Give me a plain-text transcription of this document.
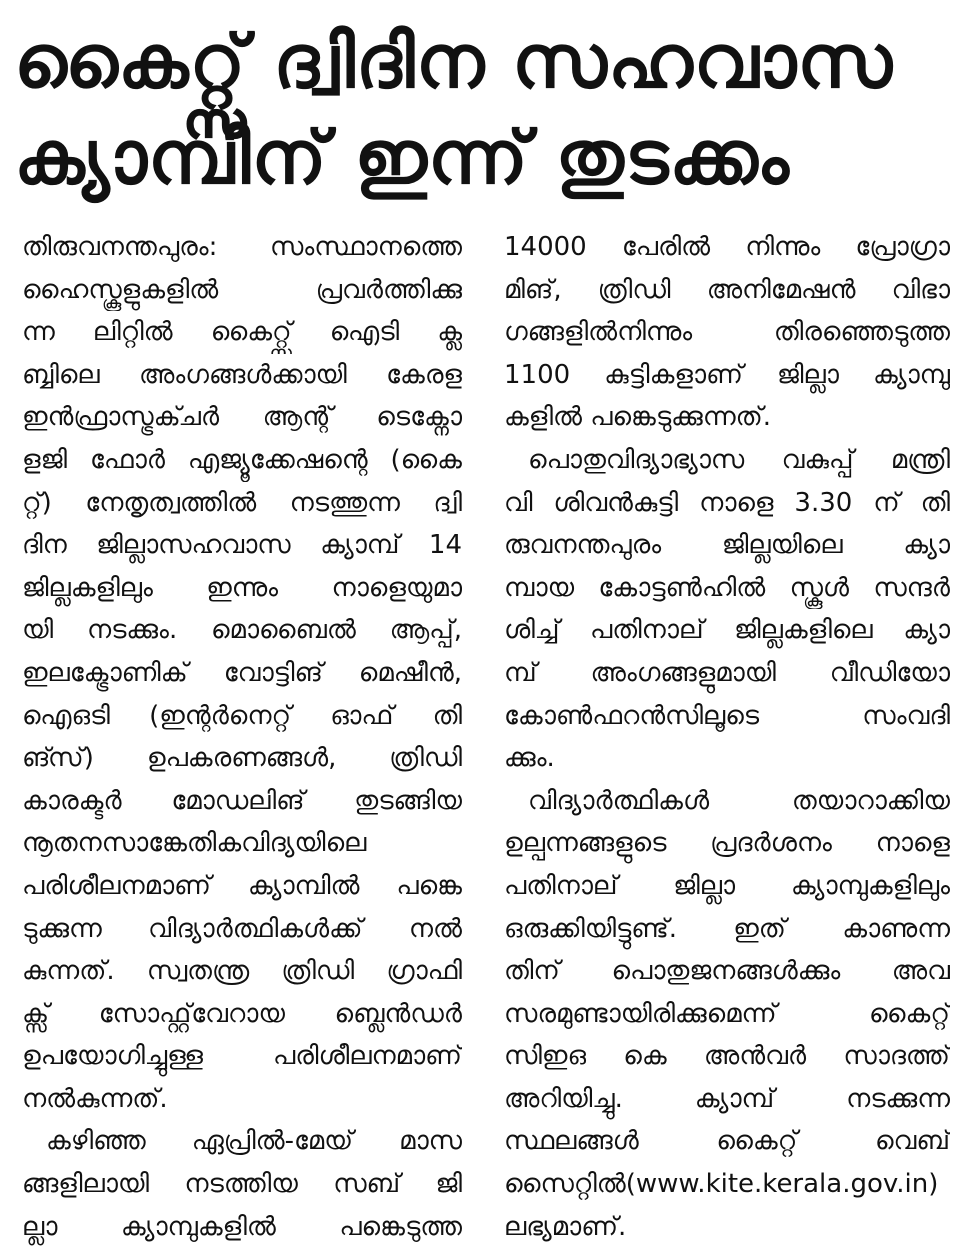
കൈറ്റ്സ് ദ്വിദിന സഹവാസ
ക്യാമ്പിന് ഇന്ന് തുടക്കം
തിരുവനന്തപുരം: സംസ്ഥാനത്തെ
ഹൈസ്കൂളുകളിൽ പ്രവർത്തിക്കു
ന്ന ലിറ്റിൽ കൈറ്റ്സ് ഐടി ക്ല
ബ്ബിലെ അംഗങ്ങൾക്കായി കേരള
ഇൻഫ്രാസ്ട്രക്ചർ ആന്റ് ടെക്നോ
ളജി ഫോർ എജ്യൂക്കേഷന്റെ (കൈ
റ്റ്) നേതൃത്വത്തിൽ നടത്തുന്ന ദ്വി
ദിന ജില്ലാസഹവാസ ക്യാമ്പ് 14
ജില്ലകളിലും ഇന്നും നാളെയുമാ
യി നടക്കും. മൊബൈൽ ആപ്പ്,
ഇലക്ട്രോണിക് വോട്ടിങ് മെഷീൻ,
ഐഒടി (ഇന്റർനെറ്റ് ഓഫ് തി
ങ്സ്) ഉപകരണങ്ങൾ, ത്രിഡി
കാരക്ടർ മോഡലിങ് തുടങ്ങിയ
നൂതനസാങ്കേതികവിദ്യയിലെ
പരിശീലനമാണ് ക്യാമ്പിൽ പങ്കെ
ടുക്കുന്ന വിദ്യാർത്ഥികൾക്ക് നൽ
കുന്നത്. സ്വതന്ത്ര ത്രിഡി ഗ്രാഫി
ക്സ് സോഫ്റ്റ്‌വേറായ ബ്ലെൻഡർ
ഉപയോഗിച്ചുള്ള പരിശീലനമാണ്
നൽകുന്നത്.
കഴിഞ്ഞ ഏപ്രിൽ-മേയ് മാസ
ങ്ങളിലായി നടത്തിയ സബ് ജി
ല്ലാ ക്യാമ്പുകളിൽ പങ്കെടുത്ത
14000 പേരിൽ നിന്നും പ്രോഗ്രാ
മിങ്, ത്രിഡി അനിമേഷൻ വിഭാ
ഗങ്ങളിൽനിന്നും തിരഞ്ഞെടുത്ത
1100 കുട്ടികളാണ് ജില്ലാ ക്യാമ്പു
കളിൽ പങ്കെടുക്കുന്നത്.
പൊതുവിദ്യാഭ്യാസ വകുപ്പ് മന്ത്രി
വി ശിവൻകുട്ടി നാളെ 3.30 ന് തി
രുവനന്തപുരം ജില്ലയിലെ ക്യാ
മ്പായ കോട്ടൺഹിൽ സ്കൂൾ സന്ദർ
ശിച്ച് പതിനാല് ജില്ലകളിലെ ക്യാ
മ്പ് അംഗങ്ങളുമായി വീഡിയോ
കോൺഫറൻസിലൂടെ സംവദി
ക്കും.
വിദ്യാർത്ഥികൾ തയാറാക്കിയ
ഉല്പന്നങ്ങളുടെ പ്രദർശനം നാളെ
പതിനാല് ജില്ലാ ക്യാമ്പുകളിലും
ഒരുക്കിയിട്ടുണ്ട്. ഇത് കാണുന്ന
തിന് പൊതുജനങ്ങൾക്കും അവ
സരമുണ്ടായിരിക്കുമെന്ന് കൈറ്റ്
സിഇഒ കെ അൻവർ സാദത്ത്
അറിയിച്ചു. ക്യാമ്പ് നടക്കുന്ന
സ്ഥലങ്ങൾ കൈറ്റ് വെബ്
സൈറ്റിൽ(www.kite.kerala.gov.in)
ലഭ്യമാണ്.
